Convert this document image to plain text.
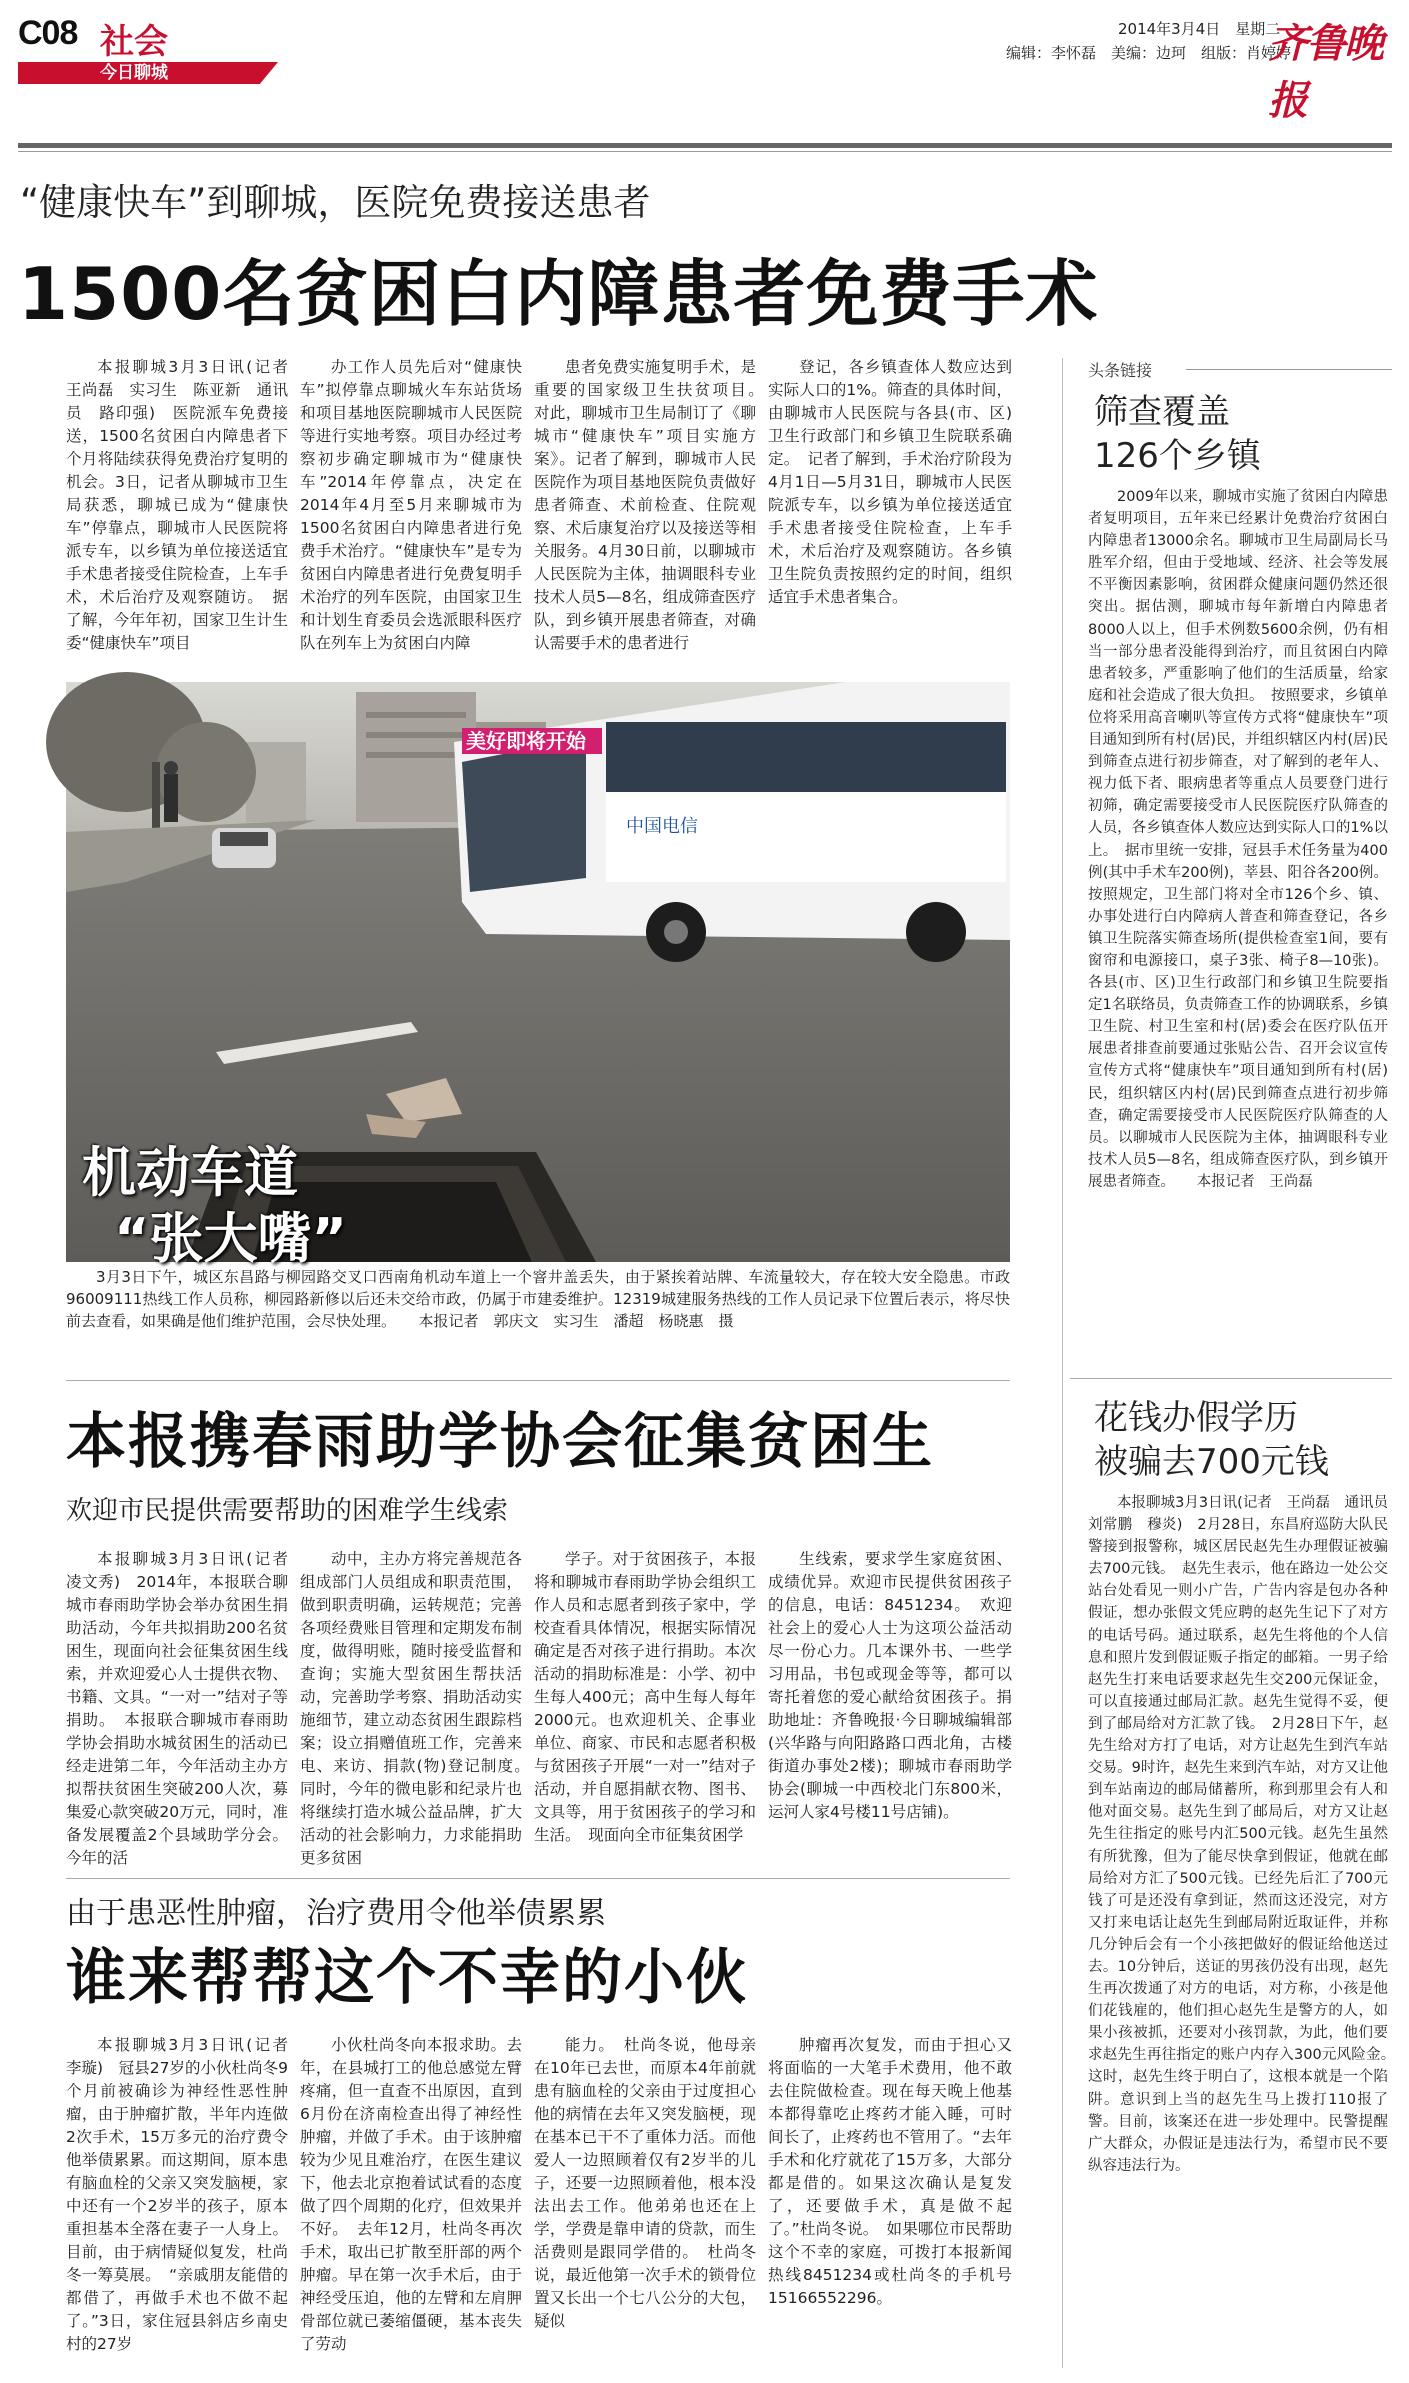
C08 社会
今日聊城
2014年3月4日　星期二
编辑：李怀磊　美编：边珂　组版：肖婷婷
齐鲁晚报
“健康快车”到聊城，医院免费接送患者
1500名贫困白内障患者免费手术

本报聊城3月3日讯(记者　王尚磊　实习生　陈亚新　通讯员　路印强)　医院派车免费接送，1500名贫困白内障患者下个月将陆续获得免费治疗复明的机会。3日，记者从聊城市卫生局获悉，聊城已成为“健康快车”停靠点，聊城市人民医院将派专车，以乡镇为单位接送适宜手术患者接受住院检查，上车手术，术后治疗及观察随访。　据了解，今年年初，国家卫生计生委“健康快车”项目

办工作人员先后对“健康快车”拟停靠点聊城火车东站货场和项目基地医院聊城市人民医院等进行实地考察。项目办经过考察初步确定聊城市为“健康快车”2014年停靠点，决定在2014年4月至5月来聊城市为1500名贫困白内障患者进行免费手术治疗。“健康快车”是专为贫困白内障患者进行免费复明手术治疗的列车医院，由国家卫生和计划生育委员会选派眼科医疗队在列车上为贫困白内障

患者免费实施复明手术，是重要的国家级卫生扶贫项目。　对此，聊城市卫生局制订了《聊城市“健康快车”项目实施方案》。记者了解到，聊城市人民医院作为项目基地医院负责做好患者筛查、术前检查、住院观察、术后康复治疗以及接送等相关服务。4月30日前，以聊城市人民医院为主体，抽调眼科专业技术人员5—8名，组成筛查医疗队，到乡镇开展患者筛查，对确认需要手术的患者进行

登记，各乡镇查体人数应达到实际人口的1%。筛查的具体时间，由聊城市人民医院与各县(市、区)卫生行政部门和乡镇卫生院联系确定。　记者了解到，手术治疗阶段为4月1日—5月31日，聊城市人民医院派专车，以乡镇为单位接送适宜手术患者接受住院检查，上车手术，术后治疗及观察随访。各乡镇卫生院负责按照约定的时间，组织适宜手术患者集合。

美好即将开始
中国电信
机动车道
“张大嘴”
3月3日下午，城区东昌路与柳园路交叉口西南角机动车道上一个窨井盖丢失，由于紧挨着站牌、车流量较大，存在较大安全隐患。市政96009111热线工作人员称，柳园路新修以后还未交给市政，仍属于市建委维护。12319城建服务热线的工作人员记录下位置后表示，将尽快前去查看，如果确是他们维护范围，会尽快处理。　　本报记者　郭庆文　实习生　潘超　杨晓惠　摄
头条链接
筛查覆盖
126个乡镇

2009年以来，聊城市实施了贫困白内障患者复明项目，五年来已经累计免费治疗贫困白内障患者13000余名。聊城市卫生局副局长马胜军介绍，但由于受地域、经济、社会等发展不平衡因素影响，贫困群众健康问题仍然还很突出。据估测，聊城市每年新增白内障患者8000人以上，但手术例数5600余例，仍有相当一部分患者没能得到治疗，而且贫困白内障患者较多，严重影响了他们的生活质量，给家庭和社会造成了很大负担。　按照要求，乡镇单位将采用高音喇叭等宣传方式将“健康快车”项目通知到所有村(居)民，并组织辖区内村(居)民到筛查点进行初步筛查，对了解到的老年人、视力低下者、眼病患者等重点人员要登门进行初筛，确定需要接受市人民医院医疗队筛查的人员，各乡镇查体人数应达到实际人口的1%以上。　据市里统一安排，冠县手术任务量为400例(其中手术车200例)，莘县、阳谷各200例。按照规定，卫生部门将对全市126个乡、镇、办事处进行白内障病人普查和筛查登记，各乡镇卫生院落实筛查场所(提供检查室1间，要有窗帘和电源接口，桌子3张、椅子8—10张)。各县(市、区)卫生行政部门和乡镇卫生院要指定1名联络员，负责筛查工作的协调联系，乡镇卫生院、村卫生室和村(居)委会在医疗队伍开展患者排查前要通过张贴公告、召开会议宣传宣传方式将“健康快车”项目通知到所有村(居)民，组织辖区内村(居)民到筛查点进行初步筛查，确定需要接受市人民医院医疗队筛查的人员。以聊城市人民医院为主体，抽调眼科专业技术人员5—8名，组成筛查医疗队，到乡镇开展患者筛查。　　本报记者　王尚磊

花钱办假学历
被骗去700元钱

本报聊城3月3日讯(记者　王尚磊　通讯员　刘常鹏　穆炎)　2月28日，东昌府巡防大队民警接到报警称，城区居民赵先生办理假证被骗去700元钱。　赵先生表示，他在路边一处公交站台处看见一则小广告，广告内容是包办各种假证，想办张假文凭应聘的赵先生记下了对方的电话号码。通过联系，赵先生将他的个人信息和照片发到假证贩子指定的邮箱。一男子给赵先生打来电话要求赵先生交200元保证金，可以直接通过邮局汇款。赵先生觉得不妥，便到了邮局给对方汇款了钱。　2月28日下午，赵先生给对方打了电话，对方让赵先生到汽车站交易。9时许，赵先生来到汽车站，对方又让他到车站南边的邮局储蓄所，称到那里会有人和他对面交易。赵先生到了邮局后，对方又让赵先生往指定的账号内汇500元钱。赵先生虽然有所犹豫，但为了能尽快拿到假证，他就在邮局给对方汇了500元钱。已经先后汇了700元钱了可是还没有拿到证，然而这还没完，对方又打来电话让赵先生到邮局附近取证件，并称几分钟后会有一个小孩把做好的假证给他送过去。10分钟后，送证的男孩仍没有出现，赵先生再次拨通了对方的电话，对方称，小孩是他们花钱雇的，他们担心赵先生是警方的人，如果小孩被抓，还要对小孩罚款，为此，他们要求赵先生再往指定的账户内存入300元风险金。　这时，赵先生终于明白了，这根本就是一个陷阱。意识到上当的赵先生马上拨打110报了警。目前，该案还在进一步处理中。民警提醒广大群众，办假证是违法行为，希望市民不要纵容违法行为。

本报携春雨助学协会征集贫困生
欢迎市民提供需要帮助的困难学生线索

本报聊城3月3日讯(记者　凌文秀)　2014年，本报联合聊城市春雨助学协会举办贫困生捐助活动，今年共拟捐助200名贫困生，现面向社会征集贫困生线索，并欢迎爱心人士提供衣物、书籍、文具。“一对一”结对子等捐助。　本报联合聊城市春雨助学协会捐助水城贫困生的活动已经走进第二年，今年活动主办方拟帮扶贫困生突破200人次，募集爱心款突破20万元，同时，准备发展覆盖2个县域助学分会。今年的活

动中，主办方将完善规范各组成部门人员组成和职责范围，做到职责明确，运转规范；完善各项经费账目管理和定期发布制度，做得明账，随时接受监督和查询；实施大型贫困生帮扶活动，完善助学考察、捐助活动实施细节，建立动态贫困生跟踪档案；设立捐赠值班工作，完善来电、来访、捐款(物)登记制度。　同时，今年的微电影和纪录片也将继续打造水城公益品牌，扩大活动的社会影响力，力求能捐助更多贫困

学子。对于贫困孩子，本报将和聊城市春雨助学协会组织工作人员和志愿者到孩子家中，学校查看具体情况，根据实际情况确定是否对孩子进行捐助。本次活动的捐助标准是：小学、初中生每人400元；高中生每人每年2000元。也欢迎机关、企事业单位、商家、市民和志愿者积极与贫困孩子开展“一对一”结对子活动，并自愿捐献衣物、图书、文具等，用于贫困孩子的学习和生活。　现面向全市征集贫困学

生线索，要求学生家庭贫困、成绩优异。欢迎市民提供贫困孩子的信息，电话：8451234。　欢迎社会上的爱心人士为这项公益活动尽一份心力。几本课外书、一些学习用品，书包或现金等等，都可以寄托着您的爱心献给贫困孩子。捐助地址：齐鲁晚报·今日聊城编辑部(兴华路与向阳路路口西北角，古楼街道办事处2楼)；聊城市春雨助学协会(聊城一中西校北门东800米，运河人家4号楼11号店铺)。

由于患恶性肿瘤，治疗费用令他举债累累
谁来帮帮这个不幸的小伙

本报聊城3月3日讯(记者　李璇)　冠县27岁的小伙杜尚冬9个月前被确诊为神经性恶性肿瘤，由于肿瘤扩散，半年内连做2次手术，15万多元的治疗费令他举债累累。而这期间，原本患有脑血栓的父亲又突发脑梗，家中还有一个2岁半的孩子，原本重担基本全落在妻子一人身上。目前，由于病情疑似复发，杜尚冬一筹莫展。　“亲戚朋友能借的都借了，再做手术也不做不起了。”3日，家住冠县斜店乡南史村的27岁

小伙杜尚冬向本报求助。去年，在县城打工的他总感觉左臂疼痛，但一直查不出原因，直到6月份在济南检查出得了神经性肿瘤，并做了手术。由于该肿瘤较为少见且难治疗，在医生建议下，他去北京抱着试试看的态度做了四个周期的化疗，但效果并不好。　去年12月，杜尚冬再次手术，取出已扩散至肝部的两个肿瘤。早在第一次手术后，由于神经受压迫，他的左臂和左肩胛骨部位就已萎缩僵硬，基本丧失了劳动

能力。　杜尚冬说，他母亲在10年已去世，而原本4年前就患有脑血栓的父亲由于过度担心他的病情在去年又突发脑梗，现在基本已干不了重体力活。而他爱人一边照顾着仅有2岁半的儿子，还要一边照顾着他，根本没法出去工作。他弟弟也还在上学，学费是靠申请的贷款，而生活费则是跟同学借的。　杜尚冬说，最近他第一次手术的锁骨位置又长出一个七八公分的大包，疑似

肿瘤再次复发，而由于担心又将面临的一大笔手术费用，他不敢去住院做检查。现在每天晚上他基本都得靠吃止疼药才能入睡，可时间长了，止疼药也不管用了。“去年手术和化疗就花了15万多，大部分都是借的。如果这次确认是复发了，还要做手术，真是做不起了。”杜尚冬说。　如果哪位市民帮助这个不幸的家庭，可拨打本报新闻热线8451234或杜尚冬的手机号15166552296。
